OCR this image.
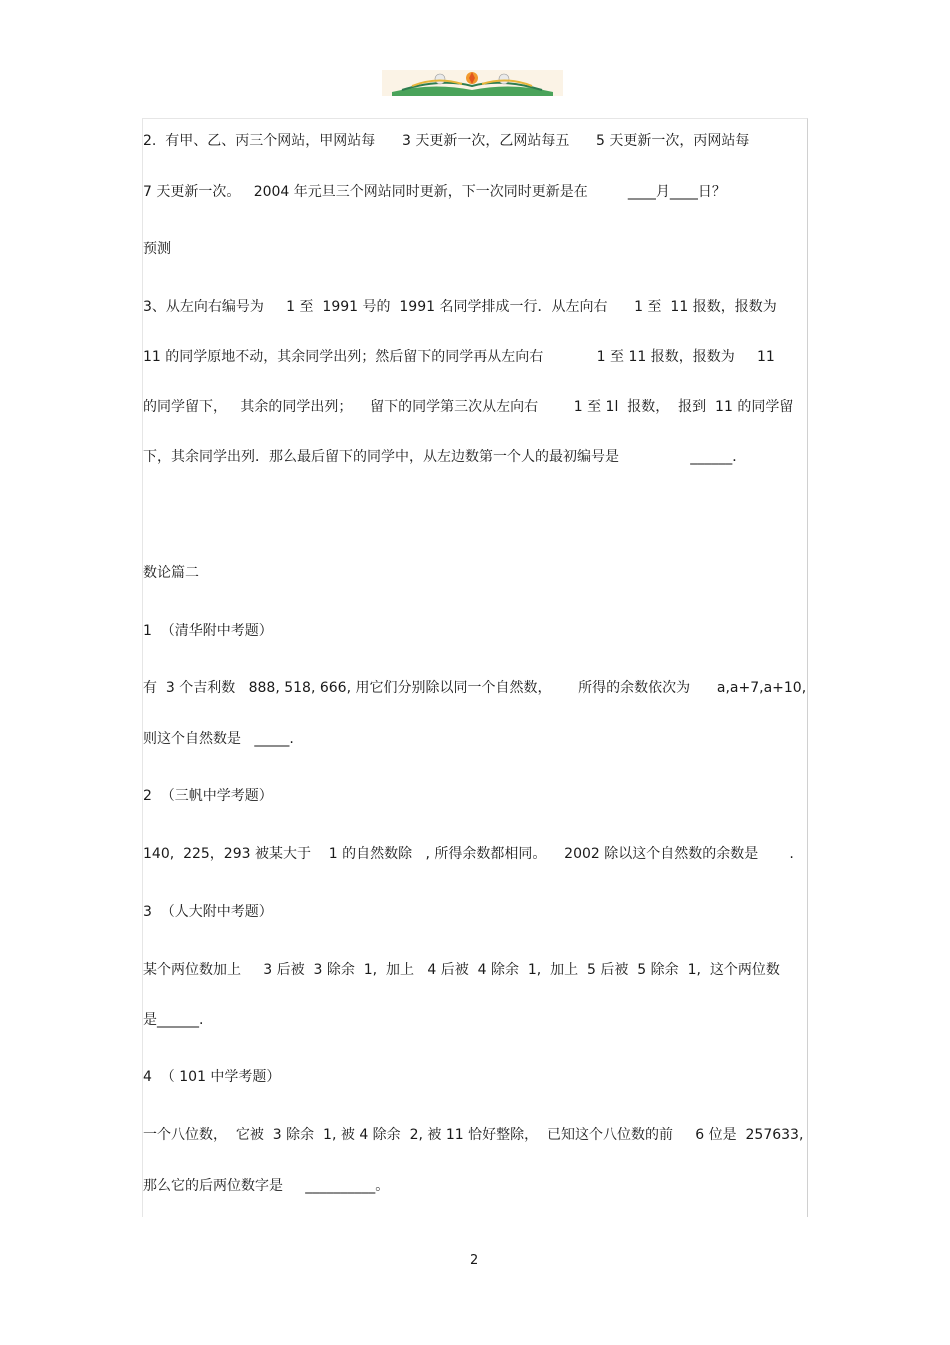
2.  有甲、乙、丙三个网站，甲网站每      3 天更新一次，乙网站每五      5 天更新一次，丙网站每
7 天更新一次。   2004 年元旦三个网站同时更新，下一次同时更新是在         ____月____日？
预测
3、从左向右编号为     1 至  1991 号的  1991 名同学排成一行．从左向右      1 至  11 报数，报数为
11 的同学原地不动，其余同学出列；然后留下的同学再从左向右            1 至 11 报数，报数为     11
的同学留下，   其余的同学出列；    留下的同学第三次从左向右        1 至 1l  报数，  报到  11 的同学留
下，其余同学出列．那么最后留下的同学中，从左边数第一个人的最初编号是                ______．
数论篇二
1  （清华附中考题）
有  3 个吉利数   888, 518, 666, 用它们分别除以同一个自然数，      所得的余数依次为      a,a+7,a+10,
则这个自然数是   _____.
2  （三帆中学考题）
140,  225，293 被某大于    1 的自然数除   , 所得余数都相同。    2002 除以这个自然数的余数是       .
3  （人大附中考题）
某个两位数加上     3 后被  3 除余  1,  加上   4 后被  4 除余  1,  加上  5 后被  5 除余  1,  这个两位数
是______.
4  （ 101 中学考题）
一个八位数，  它被  3 除余  1, 被 4 除余  2, 被 11 恰好整除，  已知这个八位数的前     6 位是  257633,
那么它的后两位数字是     __________。
2
